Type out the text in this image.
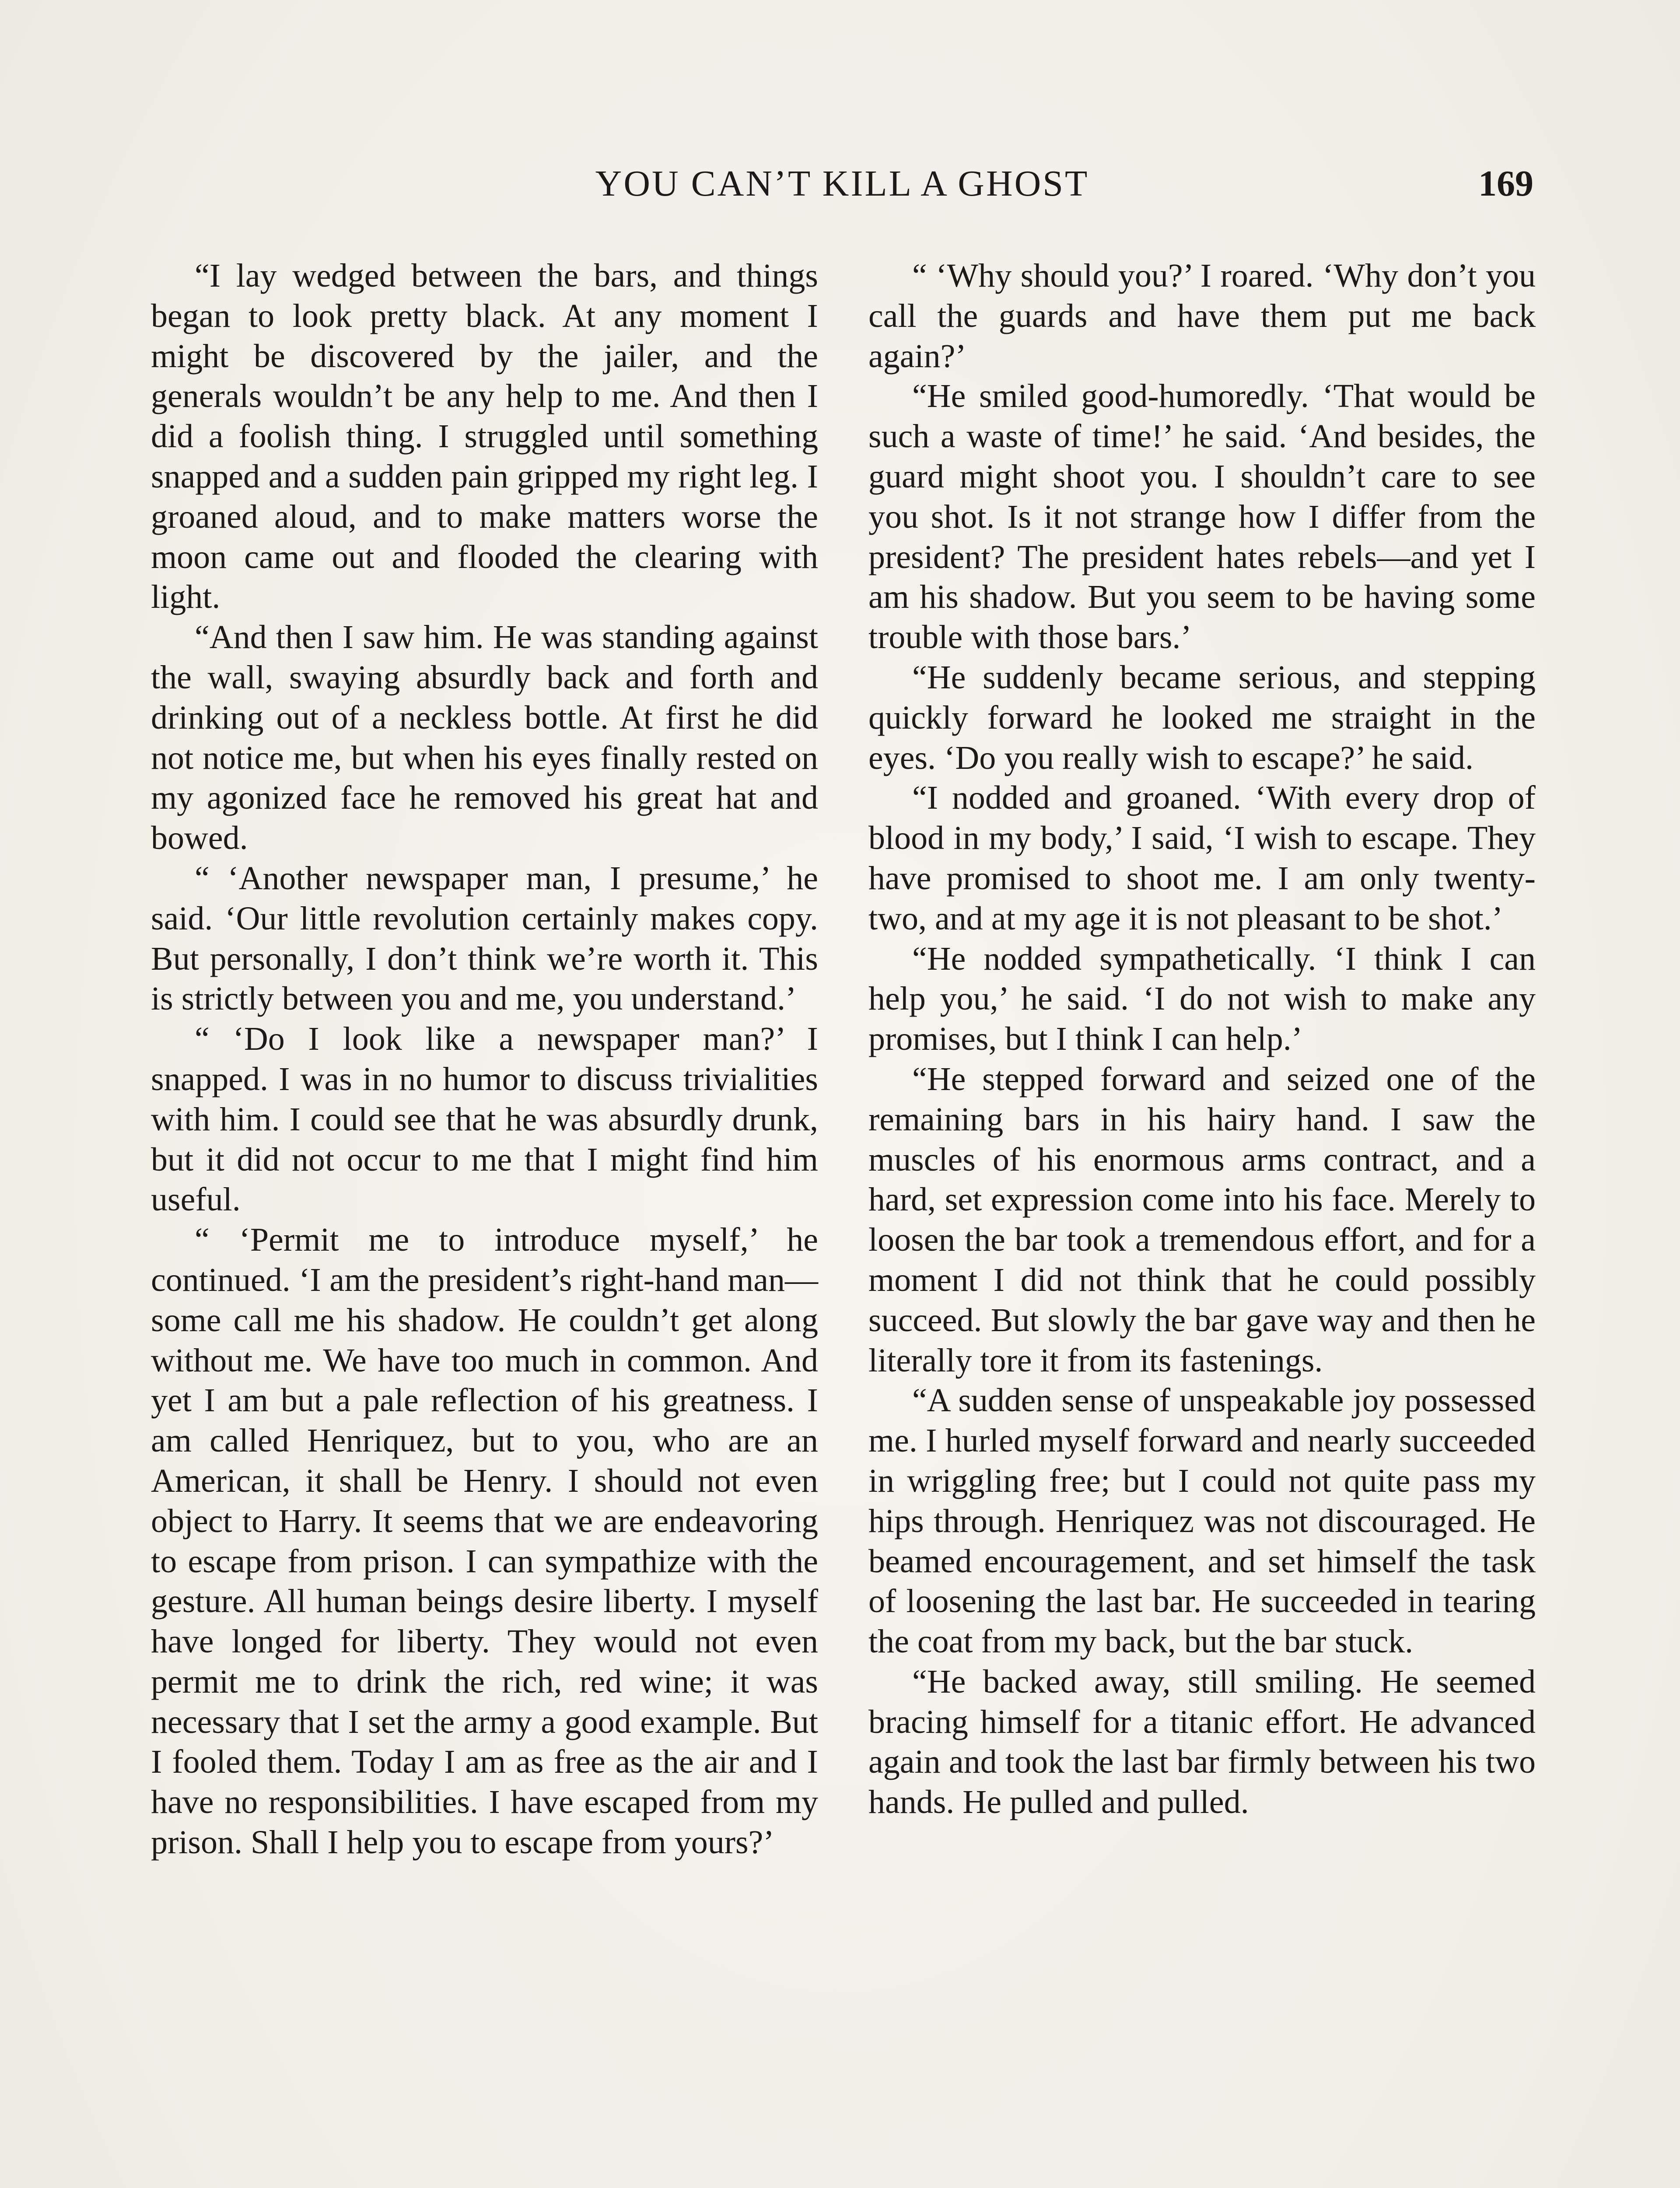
YOU CAN’T KILL A GHOST	169

“I lay wedged between the bars, and things began to look pretty black. At any moment I might be discovered by the jailer, and the generals wouldn’t be any help to me. And then I did a foolish thing. I struggled until something snapped and a sudden pain gripped my right leg. I groaned aloud, and to make matters worse the moon came out and flooded the clearing with light.

“And then I saw him. He was standing against the wall, swaying absurdly back and forth and drinking out of a neckless bottle. At first he did not notice me, but when his eyes finally rested on my agonized face he removed his great hat and bowed.

“ ‘Another newspaper man, I presume,’ he said. ‘Our little revolution certainly makes copy. But personally, I don’t think we’re worth it. This is strictly between you and me, you understand.’

“ ‘Do I look like a newspaper man?’ I snapped. I was in no humor to discuss trivialities with him. I could see that he was absurdly drunk, but it did not occur to me that I might find him useful.

“ ‘Permit me to introduce myself,’ he continued. ‘I am the president’s right-hand man—some call me his shadow. He couldn’t get along without me. We have too much in common. And yet I am but a pale reflection of his greatness. I am called Henriquez, but to you, who are an American, it shall be Henry. I should not even object to Harry. It seems that we are endeavoring to escape from prison. I can sympathize with the gesture. All human beings desire liberty. I myself have longed for liberty. They would not even permit me to drink the rich, red wine; it was necessary that I set the army a good example. But I fooled them. Today I am as free as the air and I have no responsibilities. I have escaped from my prison. Shall I help you to escape from yours?’

“ ‘Why should you?’ I roared. ‘Why don’t you call the guards and have them put me back again?’

“He smiled good-humoredly. ‘That would be such a waste of time!’ he said. ‘And besides, the guard might shoot you. I shouldn’t care to see you shot. Is it not strange how I differ from the president? The president hates rebels—and yet I am his shadow. But you seem to be having some trouble with those bars.’

“He suddenly became serious, and stepping quickly forward he looked me straight in the eyes. ‘Do you really wish to escape?’ he said.

“I nodded and groaned. ‘With every drop of blood in my body,’ I said, ‘I wish to escape. They have promised to shoot me. I am only twenty-two, and at my age it is not pleasant to be shot.’

“He nodded sympathetically. ‘I think I can help you,’ he said. ‘I do not wish to make any promises, but I think I can help.’

“He stepped forward and seized one of the remaining bars in his hairy hand. I saw the muscles of his enormous arms contract, and a hard, set expression come into his face. Merely to loosen the bar took a tremendous effort, and for a moment I did not think that he could possibly succeed. But slowly the bar gave way and then he literally tore it from its fastenings.

“A sudden sense of unspeakable joy possessed me. I hurled myself forward and nearly succeeded in wriggling free; but I could not quite pass my hips through. Henriquez was not discouraged. He beamed encouragement, and set himself the task of loosening the last bar. He succeeded in tearing the coat from my back, but the bar stuck.

“He backed away, still smiling. He seemed bracing himself for a titanic effort. He advanced again and took the last bar firmly between his two hands. He pulled and pulled.
